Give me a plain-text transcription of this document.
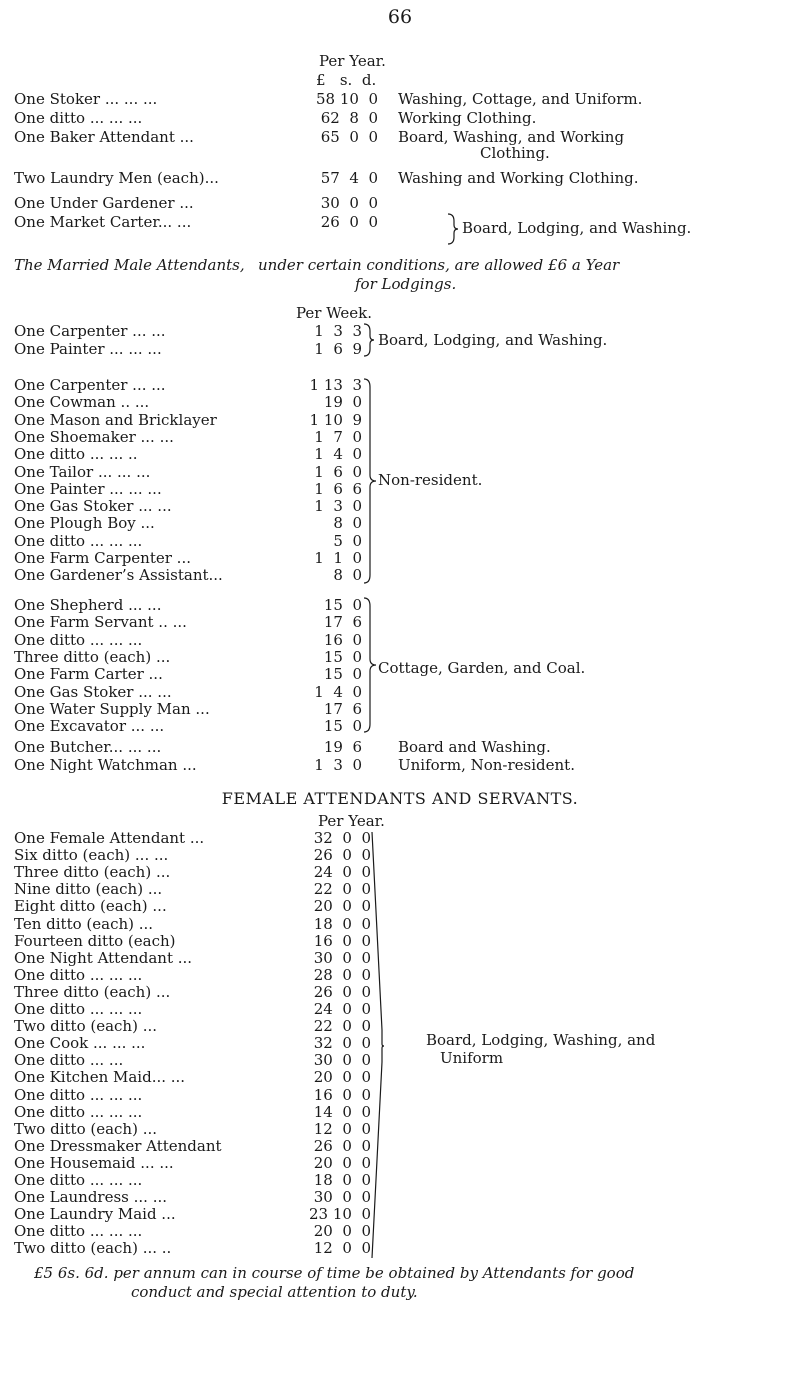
66
Per Year.
£   s.  d.
One Stoker ... ... ...	58 10  0 Washing, Cottage, and Uniform.
One ditto ... ... ...	62  8  0 Working Clothing.
One Baker Attendant ...	65  0  0 Board, Washing, and Working
Clothing.
Two Laundry Men (each)...	57  4  0 Washing and Working Clothing.
One Under Gardener ...	30  0  0
One Market Carter... ...	26  0  0	Board, Lodging, and Washing.
The Married Male Attendants, under certain conditions, are allowed £6 a Year
for Lodgings.
Per Week.
One Carpenter ... ...	1  3  3
One Painter ... ... ...	1  6  9
One Carpenter ... ...	1 13  3
One Cowman .. ...	19  0
One Mason and Bricklayer	1 10  9
One Shoemaker ... ...	1  7  0
One ditto ... ... ..	1  4  0
One Tailor ... ... ...	1  6  0
One Painter ... ... ...	1  6  6
One Gas Stoker ... ...	1  3  0
One Plough Boy ...	8  0
One ditto ... ... ...	5  0
One Farm Carpenter ...	1  1  0
One Gardener’s Assistant...	8  0
One Shepherd ... ...	15  0
One Farm Servant .. ...	17  6
One ditto ... ... ...	16  0
Three ditto (each) ...	15  0
One Farm Carter ...	15  0
One Gas Stoker ... ...	1  4  0
One Water Supply Man ...	17  6
One Excavator ... ...	15  0
One Butcher... ... ...	19  6 Board and Washing.
One Night Watchman ...	1  3  0 Uniform, Non-resident.
Board, Lodging, and Washing.
Non-resident.
Cottage, Garden, and Coal.
FEMALE ATTENDANTS AND SERVANTS.
Per Year.
One Female Attendant ...	32  0  0
Six ditto (each) ... ...	26  0  0
Three ditto (each) ...	24  0  0
Nine ditto (each) ...	22  0  0
Eight ditto (each) ...	20  0  0
Ten ditto (each) ...	18  0  0
Fourteen ditto (each)	16  0  0
One Night Attendant ...	30  0  0
One ditto ... ... ...	28  0  0
Three ditto (each) ...	26  0  0
One ditto ... ... ...	24  0  0
Two ditto (each) ...	22  0  0
One Cook ... ... ...	32  0  0
One ditto ... ...	30  0  0
One Kitchen Maid... ...	20  0  0
One ditto ... ... ...	16  0  0
One ditto ... ... ...	14  0  0
Two ditto (each) ...	12  0  0
One Dressmaker Attendant	26  0  0
One Housemaid ... ...	20  0  0
One ditto ... ... ...	18  0  0
One Laundress ... ...	30  0  0
One Laundry Maid ...	23 10  0
One ditto ... ... ...	20  0  0
Two ditto (each) ... ..	12  0  0
Board, Lodging, Washing, and
Uniform
£5 6s. 6d. per annum can in course of time be obtained by Attendants for good
conduct and special attention to duty.
